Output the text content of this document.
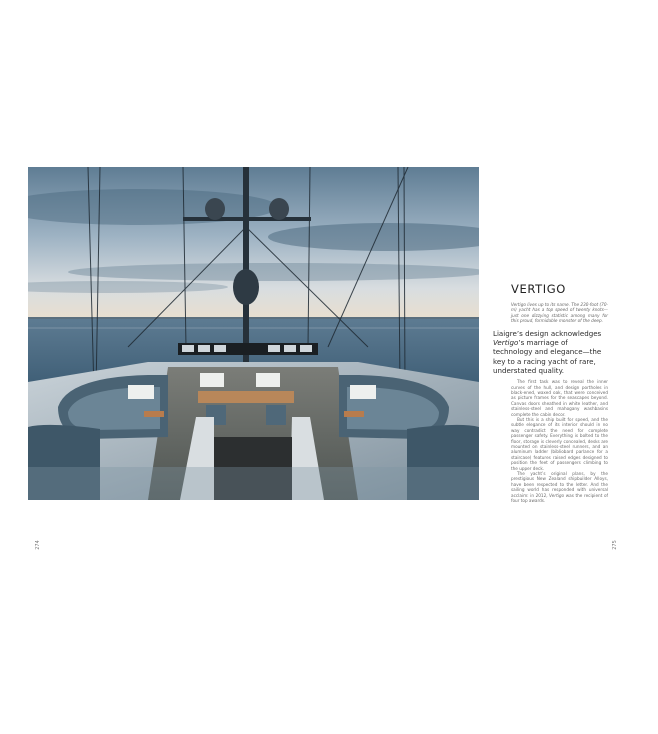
VERTIGO

Vertigo lives up to its name. The 230-foot (70-m) yacht has a top speed of twenty knots—just one dizzying statistic among many for this proud, formidable monster of the deep.

Liaigre’s design acknowledges Vertigo’s marriage of technology and elegance—the key to a racing yacht of rare, understated quality.

The first task was to reveal the inner curves of the hull, and design portholes in black-ened, waxed oak, that were conceived as picture frames for the seascapes beyond. Canvas doors sheathed in white leather, and stainless-steel and mahogany washbasins complete the cabin decor.

But this is a ship built for speed, and the subtle elegance of its interior should in no way contradict the need for complete passenger safety. Everything is bolted to the floor, storage is cleverly concealed, desks are mounted on stainless-steel runners, and an aluminum ladder (bibliobard parlance for a staircase) features raised edges designed to position the feet of passengers climbing to the upper deck.

The yacht’s original plans, by the prestigious New Zealand shipbuilder Alloys, have been respected to the letter. And the sailing world has responded with universal acclaim: in 2012, Vertigo was the recipient of four top awards.

274	275
